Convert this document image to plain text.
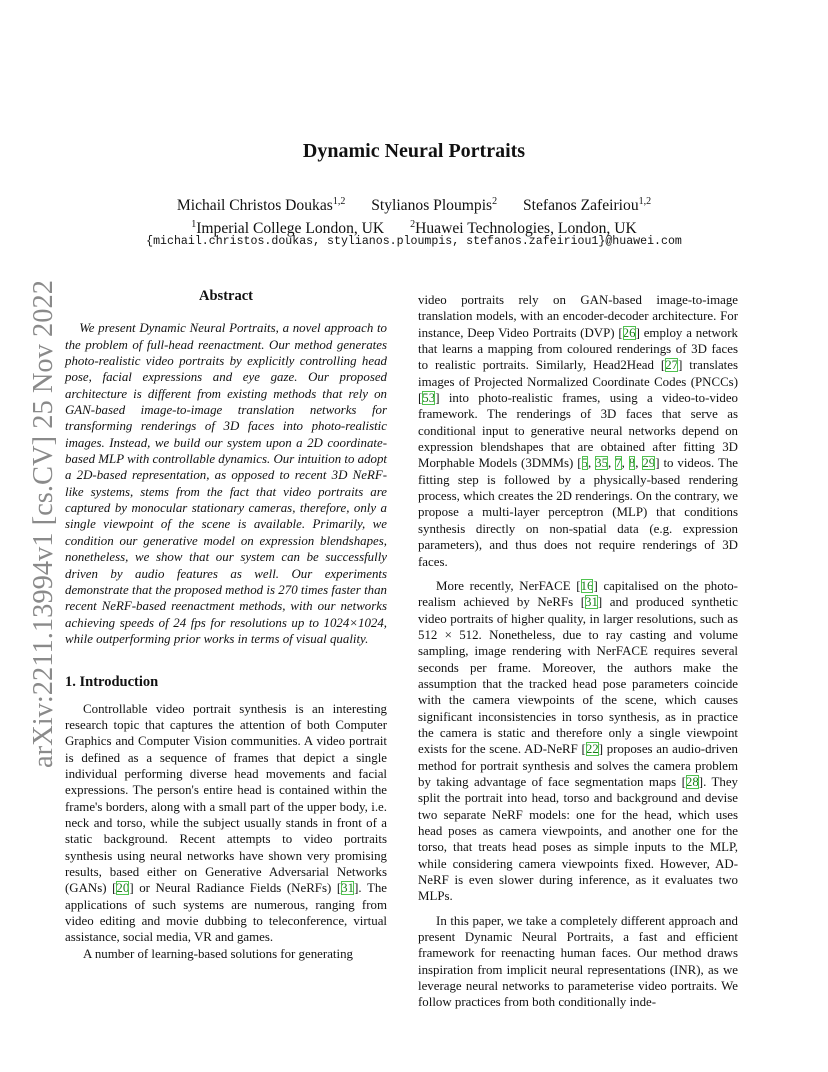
arXiv:2211.13994v1 [cs.CV] 25 Nov 2022
Dynamic Neural Portraits
Michail Christos Doukas$^{1,2}$ Stylianos Ploumpis$^2$ Stefanos Zafeiriou$^{1,2}$
$^1$Imperial College London, UK	$^2$Huawei Technologies, London, UK
{michail.christos.doukas, stylianos.ploumpis, stefanos.zafeiriou1}@huawei.com
Abstract

We present Dynamic Neural Portraits, a novel approach to the problem of full-head reenactment. Our method generates photo-realistic video portraits by explicitly controlling head pose, facial expressions and eye gaze. Our proposed architecture is different from existing methods that rely on GAN-based image-to-image translation networks for transforming renderings of 3D faces into photo-realistic images. Instead, we build our system upon a 2D coordinate-based MLP with controllable dynamics. Our intuition to adopt a 2D-based representation, as opposed to recent 3D NeRF-like systems, stems from the fact that video portraits are captured by monocular stationary cameras, therefore, only a single viewpoint of the scene is available. Primarily, we condition our generative model on expression blendshapes, nonetheless, we show that our system can be successfully driven by audio features as well. Our experiments demonstrate that the proposed method is 270 times faster than recent NeRF-based reenactment methods, with our networks achieving speeds of 24 fps for resolutions up to 1024×1024, while outperforming prior works in terms of visual quality.

1. Introduction

Controllable video portrait synthesis is an interesting research topic that captures the attention of both Computer Graphics and Computer Vision communities. A video portrait is defined as a sequence of frames that depict a single individual performing diverse head movements and facial expressions. The person's entire head is contained within the frame's borders, along with a small part of the upper body, i.e. neck and torso, while the subject usually stands in front of a static background. Recent attempts to video portraits synthesis using neural networks have shown very promising results, based either on Generative Adversarial Networks (GANs) [20] or Neural Radiance Fields (NeRFs) [31]. The applications of such systems are numerous, ranging from video editing and movie dubbing to teleconference, virtual assistance, social media, VR and games.

A number of learning-based solutions for generating

video portraits rely on GAN-based image-to-image translation models, with an encoder-decoder architecture. For instance, Deep Video Portraits (DVP) [26] employ a network that learns a mapping from coloured renderings of 3D faces to realistic portraits. Similarly, Head2Head [27] translates images of Projected Normalized Coordinate Codes (PNCCs) [53] into photo-realistic frames, using a video-to-video framework. The renderings of 3D faces that serve as conditional input to generative neural networks depend on expression blendshapes that are obtained after fitting 3D Morphable Models (3DMMs) [5, 35, 7, 8, 29] to videos. The fitting step is followed by a physically-based rendering process, which creates the 2D renderings. On the contrary, we propose a multi-layer perceptron (MLP) that conditions synthesis directly on non-spatial data (e.g. expression parameters), and thus does not require renderings of 3D faces.

More recently, NerFACE [16] capitalised on the photo-realism achieved by NeRFs [31] and produced synthetic video portraits of higher quality, in larger resolutions, such as 512 × 512. Nonetheless, due to ray casting and volume sampling, image rendering with NerFACE requires several seconds per frame. Moreover, the authors make the assumption that the tracked head pose parameters coincide with the camera viewpoints of the scene, which causes significant inconsistencies in torso synthesis, as in practice the camera is static and therefore only a single viewpoint exists for the scene. AD-NeRF [22] proposes an audio-driven method for portrait synthesis and solves the camera problem by taking advantage of face segmentation maps [28]. They split the portrait into head, torso and background and devise two separate NeRF models: one for the head, which uses head poses as camera viewpoints, and another one for the torso, that treats head poses as simple inputs to the MLP, while considering camera viewpoints fixed. However, AD-NeRF is even slower during inference, as it evaluates two MLPs.

In this paper, we take a completely different approach and present Dynamic Neural Portraits, a fast and efficient framework for reenacting human faces. Our method draws inspiration from implicit neural representations (INR), as we leverage neural networks to parameterise video portraits. We follow practices from both conditionally inde-
